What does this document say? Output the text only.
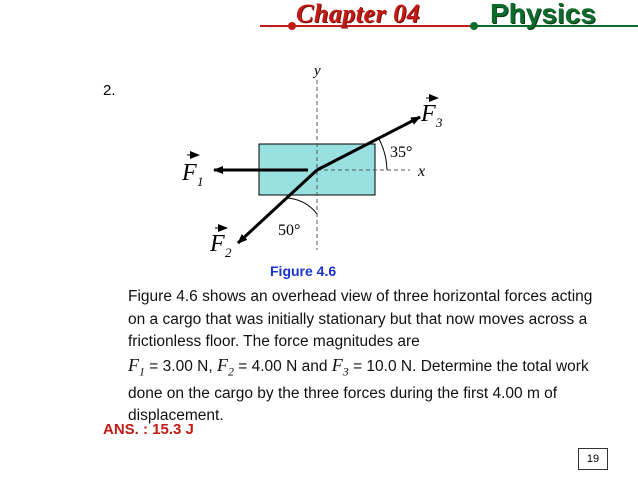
Chapter 04 Physics
2.
y
x
35°
50°
F 1
F 2
F 3
Figure 4.6
Figure 4.6 shows an overhead view of three horizontal forces acting on a cargo that was initially stationary but that now moves across a frictionless floor. The force magnitudes are
$F_1 = 3.00$ N, $F_2 = 4.00$ N and $F_3 = 10.0$ N. Determine the total work done on the cargo by the three forces during the first 4.00 m of displacement.
ANS. : 15.3 J
19
